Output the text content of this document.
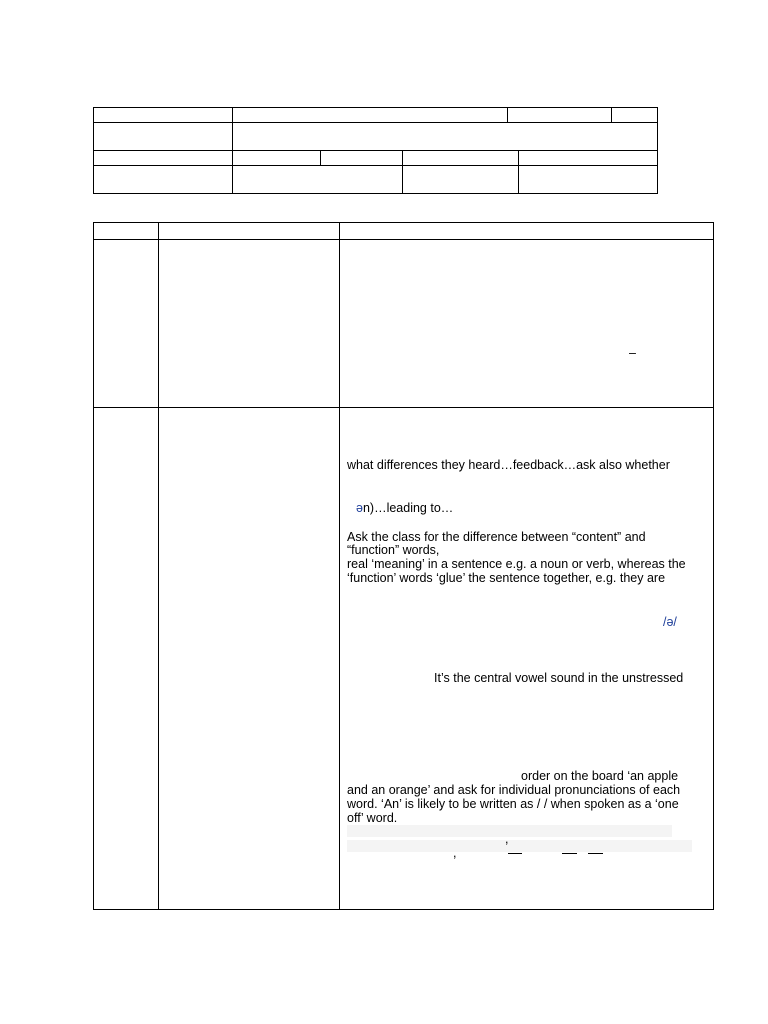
–
what differences they heard…feedback…ask also whether
ən)…leading to…
Ask the class for the difference between “content” and
“function” words,
real ‘meaning’ in a sentence e.g. a noun or verb, whereas the
‘function’ words ‘glue’ the sentence together, e.g. they are
/ə/
It’s the central vowel sound in the unstressed
order on the board ‘an apple
and an orange’ and ask for individual pronunciations of each
word. ‘An’ is likely to be written as / / when spoken as a ‘one
off’ word.
,
,
